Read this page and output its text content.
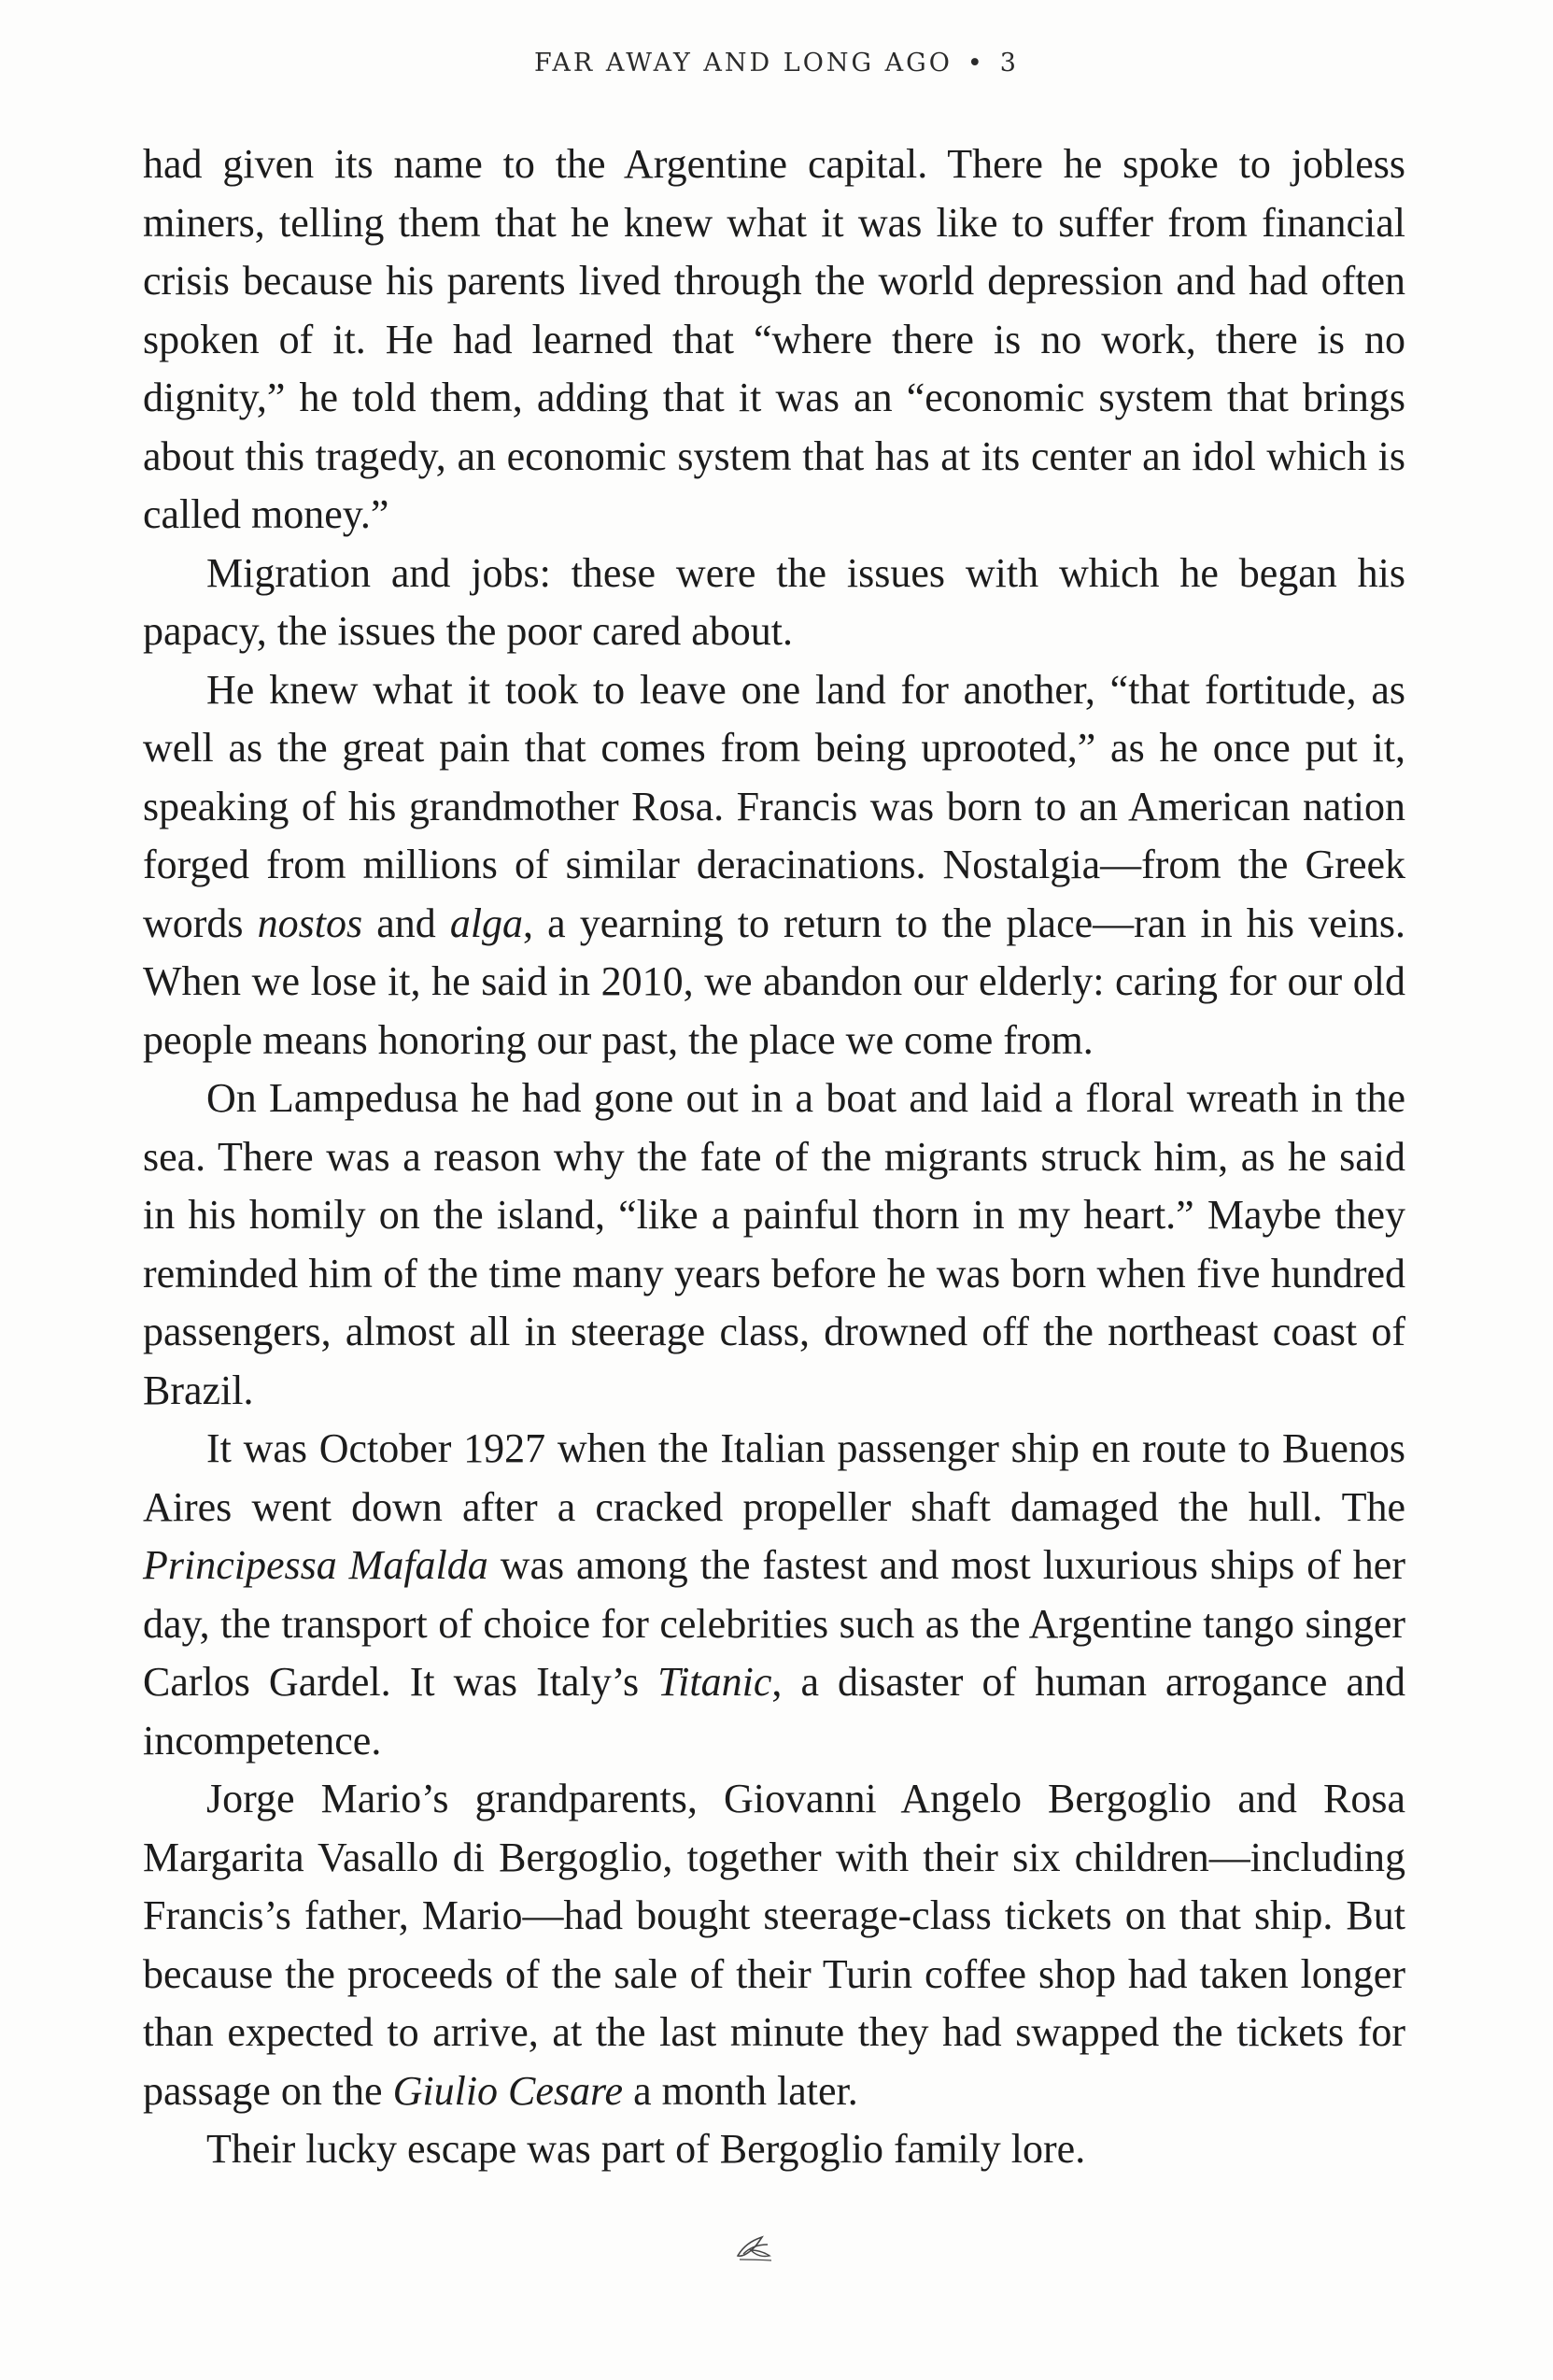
FAR AWAY AND LONG AGO • 3

had given its name to the Argentine capital. There he spoke to jobless miners, telling them that he knew what it was like to suffer from financial crisis because his parents lived through the world depression and had often spoken of it. He had learned that “where there is no work, there is no dignity,” he told them, adding that it was an “economic system that brings about this tragedy, an economic system that has at its center an idol which is called money.”

Migration and jobs: these were the issues with which he began his papacy, the issues the poor cared about.

He knew what it took to leave one land for another, “that fortitude, as well as the great pain that comes from being uprooted,” as he once put it, speaking of his grandmother Rosa. Francis was born to an American nation forged from millions of similar deracinations. Nostalgia—from the Greek words nostos and alga, a yearning to return to the place—ran in his veins. When we lose it, he said in 2010, we abandon our elderly: caring for our old people means honoring our past, the place we come from.

On Lampedusa he had gone out in a boat and laid a floral wreath in the sea. There was a reason why the fate of the migrants struck him, as he said in his homily on the island, “like a painful thorn in my heart.” Maybe they reminded him of the time many years before he was born when five hundred passengers, almost all in steerage class, drowned off the northeast coast of Brazil.

It was October 1927 when the Italian passenger ship en route to Buenos Aires went down after a cracked propeller shaft damaged the hull. The Principessa Mafalda was among the fastest and most luxurious ships of her day, the transport of choice for celebrities such as the Argentine tango singer Carlos Gardel. It was Italy’s Titanic, a disaster of human arrogance and incompetence.

Jorge Mario’s grandparents, Giovanni Angelo Bergoglio and Rosa Margarita Vasallo di Bergoglio, together with their six children—including Francis’s father, Mario—had bought steerage-class tickets on that ship. But because the proceeds of the sale of their Turin coffee shop had taken longer than expected to arrive, at the last minute they had swapped the tickets for passage on the Giulio Cesare a month later.

Their lucky escape was part of Bergoglio family lore.
